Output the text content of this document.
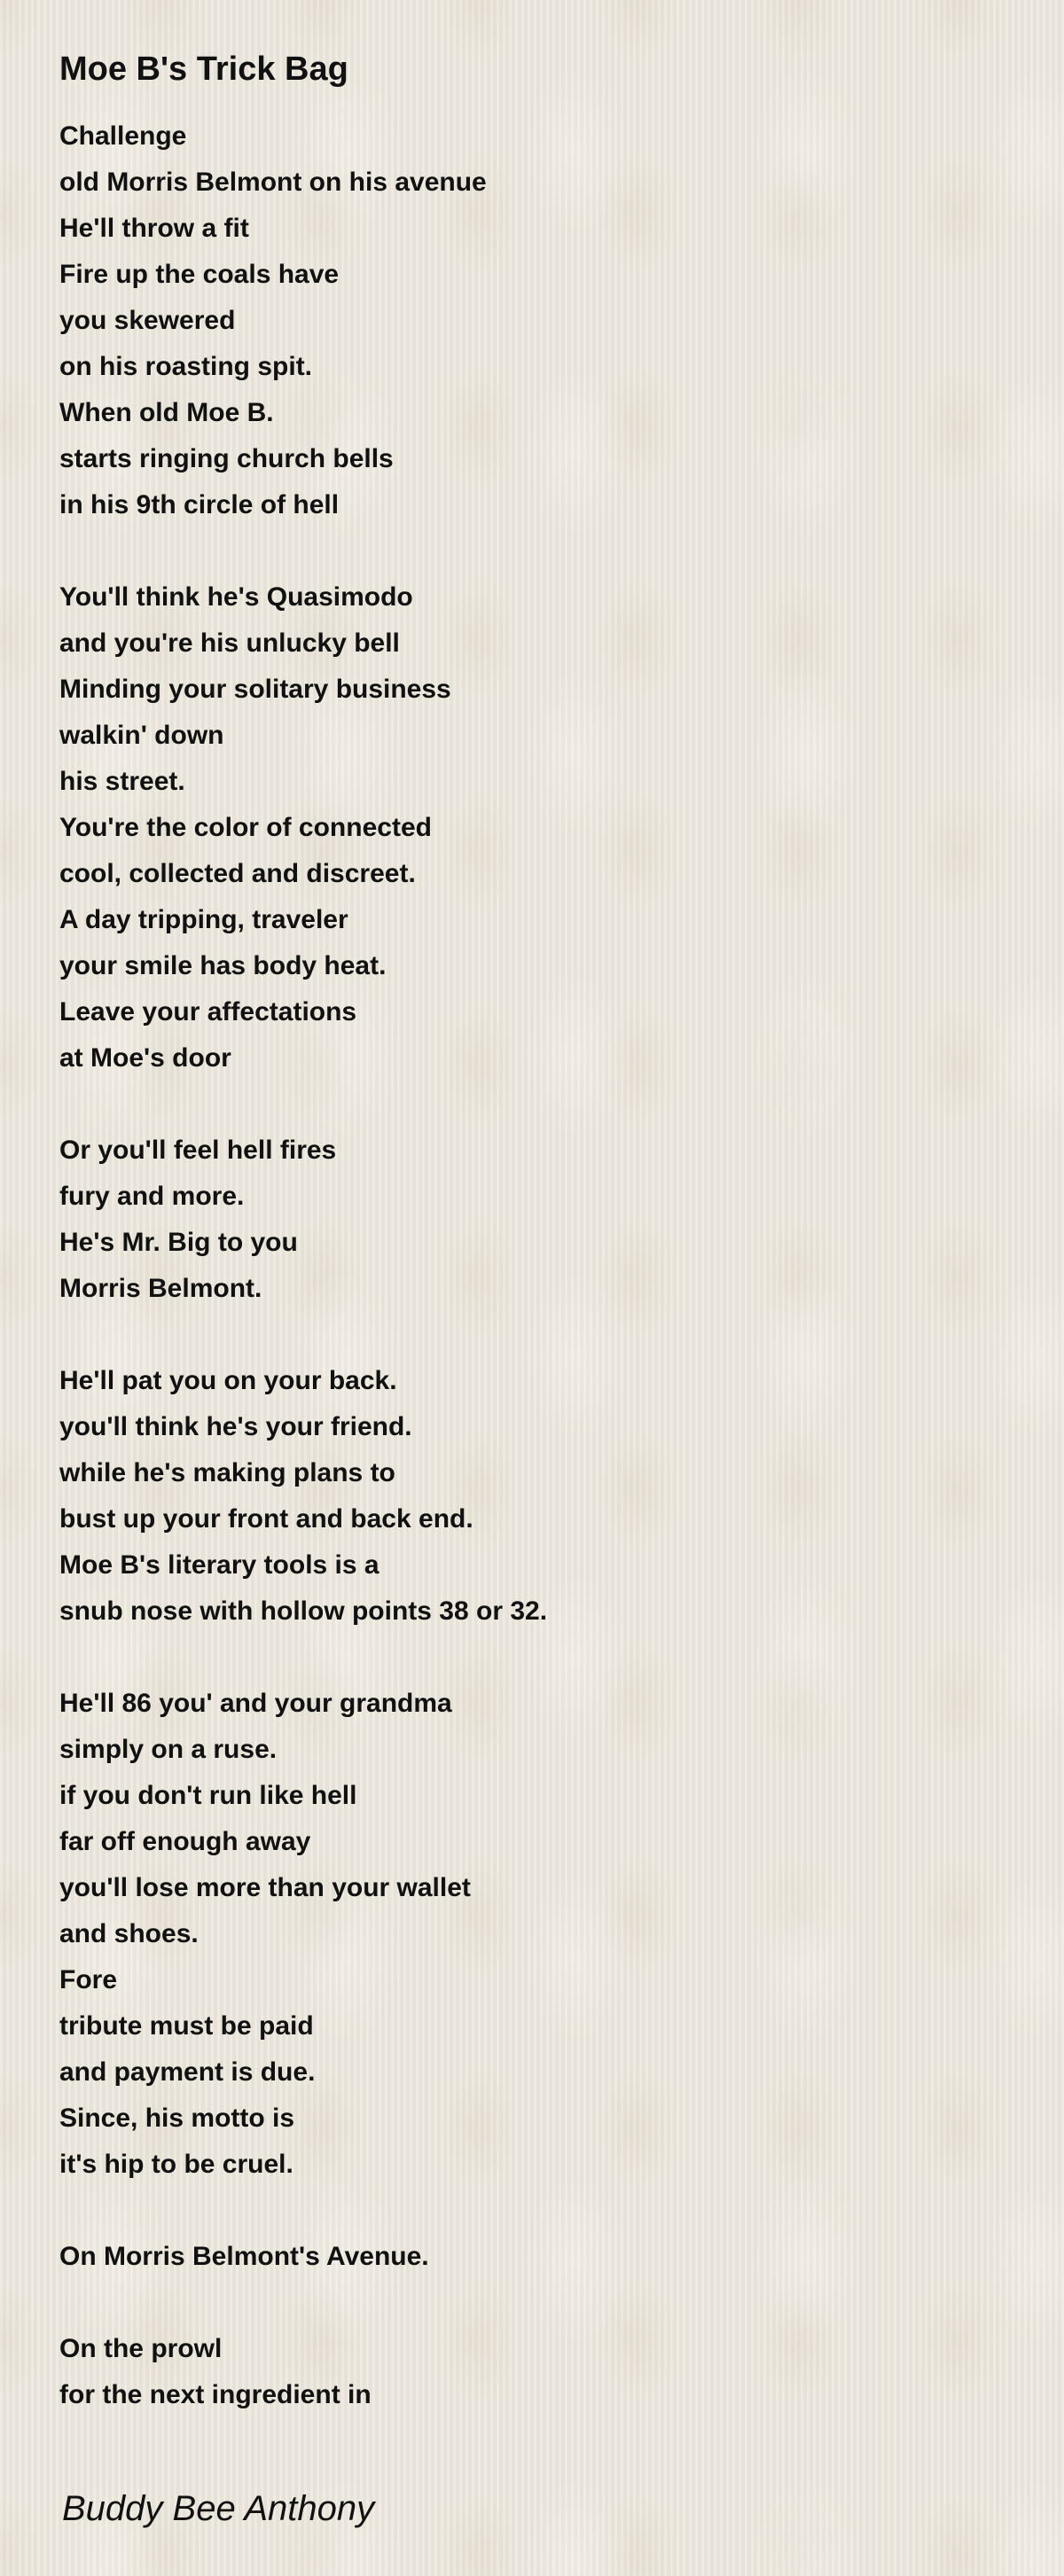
Moe B's Trick Bag
Challenge
old Morris Belmont on his avenue
He'll throw a fit
Fire up the coals have
you skewered
on his roasting spit.
When old Moe B.
starts ringing church bells
in his 9th circle of hell
You'll think he's Quasimodo
and you're his unlucky bell
Minding your solitary business
walkin' down
his street.
You're the color of connected
cool, collected and discreet.
A day tripping, traveler
your smile has body heat.
Leave your affectations
at Moe's door
Or you'll feel hell fires
fury and more.
He's Mr. Big to you
Morris Belmont.
He'll pat you on your back.
you'll think he's your friend.
while he's making plans to
bust up your front and back end.
Moe B's literary tools is a
snub nose with hollow points 38 or 32.
He'll 86 you' and your grandma
simply on a ruse.
if you don't run like hell
far off enough away
you'll lose more than your wallet
and shoes.
Fore
tribute must be paid
and payment is due.
Since, his motto is
it's hip to be cruel.
On Morris Belmont's Avenue.
On the prowl
for the next ingredient in
Buddy Bee Anthony
